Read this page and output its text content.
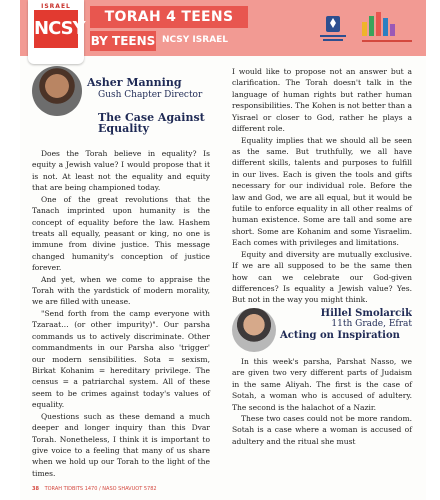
ISRAEL
NCSY
TORAH 4 TEENS
BY TEENS NCSY ISRAEL
Asher Manning
Gush Chapter Director
The Case Against Equality

Does the Torah believe in equality? Is equity a Jewish value? I would propose that it is not. At least not the equality and equity that are being championed today.

One of the great revolutions that the Tanach imprinted upon humanity is the concept of equality before the law. Hashem treats all equally, peasant or king, no one is immune from divine justice. This message changed humanity's conception of justice forever.

And yet, when we come to appraise the Torah with the yardstick of modern morality, we are filled with unease.

"Send forth from the camp everyone with Tzaraat… (or other impurity)". Our parsha commands us to actively discriminate. Other commandments in our Parsha also 'trigger' our modern sensibilities. Sota = sexism, Birkat Kohanim = hereditary privilege. The census = a patriarchal system. All of these seem to be crimes against today's values of equality.

Questions such as these demand a much deeper and longer inquiry than this Dvar Torah. Nonetheless, I think it is important to give voice to a feeling that many of us share when we hold up our Torah to the light of the times.

I would like to propose not an answer but a clarification. The Torah doesn't talk in the language of human rights but rather human responsibilities. The Kohen is not better than a Yisrael or closer to God, rather he plays a different role.

Equality implies that we should all be seen as the same. But truthfully, we all have different skills, talents and purposes to fulfill in our lives. Each is given the tools and gifts necessary for our individual role. Before the law and God, we are all equal, but it would be futile to enforce equality in all other realms of human existence. Some are tall and some are short. Some are Kohanim and some Yisraelim. Each comes with privileges and limitations.

Equity and diversity are mutually exclusive. If we are all supposed to be the same then how can we celebrate our God-given differences? Is equality a Jewish value? Yes. But not in the way you might think.

Hillel Smolarcik
11th Grade, Efrat
Acting on Inspiration

In this week's parsha, Parshat Nasso, we are given two very different parts of Judaism in the same Aliyah. The first is the case of Sotah, a woman who is accused of adultery. The second is the halachot of a Nazir.

These two cases could not be more random. Sotah is a case where a woman is accused of adultery and the ritual she must

38 TORAH TIDBITS 1470 / NASO SHAVUOT 5782
